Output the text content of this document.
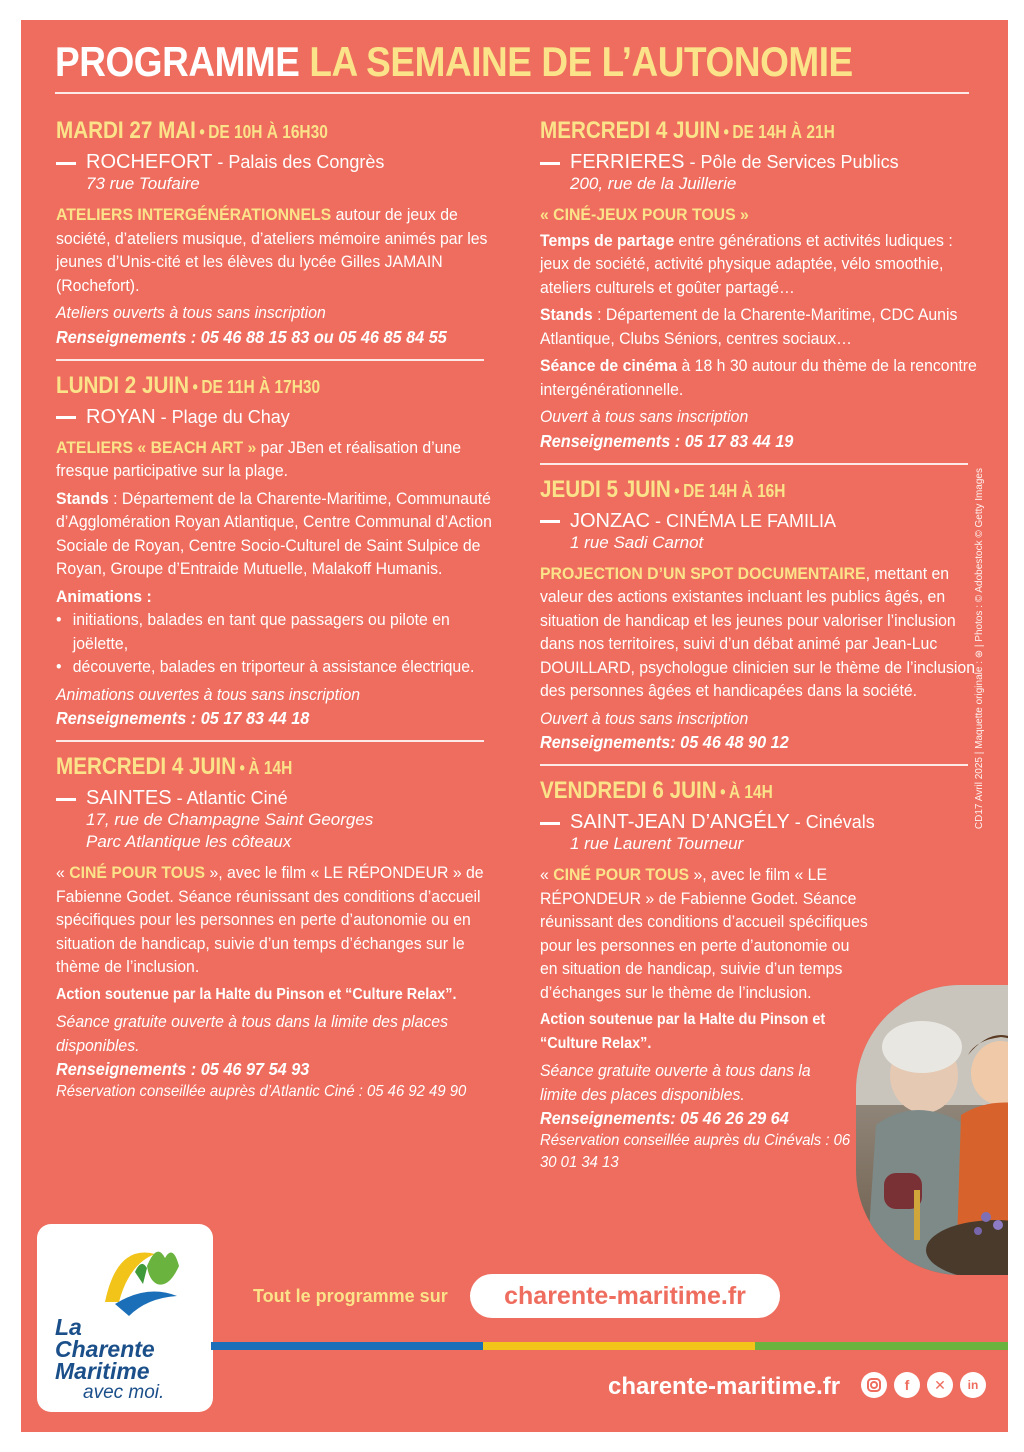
PROGRAMME LA SEMAINE DE L’AUTONOMIE
MARDI 27 MAI • DE 10H À 16H30
ROCHEFORT - Palais des Congrès
73 rue Toufaire
ATELIERS INTERGÉNÉRATIONNELS autour de jeux de société, d’ateliers musique, d’ateliers mémoire animés par les jeunes d’Unis-cité et les élèves du lycée Gilles JAMAIN (Rochefort).
Ateliers ouverts à tous sans inscription
Renseignements : 05 46 88 15 83 ou 05 46 85 84 55
LUNDI 2 JUIN • DE 11H À 17H30
ROYAN - Plage du Chay
ATELIERS « BEACH ART » par JBen et réalisation d’une fresque participative sur la plage.
Stands : Département de la Charente-Maritime, Communauté d’Agglomération Royan Atlantique, Centre Communal d’Action Sociale de Royan, Centre Socio-Culturel de Saint Sulpice de Royan, Groupe d’Entraide Mutuelle, Malakoff Humanis.
Animations :
• initiations, balades en tant que passagers ou pilote en joëlette,
• découverte, balades en triporteur à assistance électrique.
Animations ouvertes à tous sans inscription
Renseignements : 05 17 83 44 18
MERCREDI 4 JUIN • À 14H
SAINTES - Atlantic Ciné
17, rue de Champagne Saint Georges
Parc Atlantique les côteaux
« CINÉ POUR TOUS », avec le film « LE RÉPONDEUR » de Fabienne Godet. Séance réunissant des conditions d’accueil spécifiques pour les personnes en perte d’autonomie ou en situation de handicap, suivie d’un temps d’échanges sur le thème de l’inclusion.
Action soutenue par la Halte du Pinson et “Culture Relax”.
Séance gratuite ouverte à tous dans la limite des places disponibles.
Renseignements : 05 46 97 54 93
Réservation conseillée auprès d’Atlantic Ciné : 05 46 92 49 90
MERCREDI 4 JUIN • DE 14H À 21H
FERRIERES - Pôle de Services Publics
200, rue de la Juillerie
« CINÉ-JEUX POUR TOUS »
Temps de partage entre générations et activités ludiques : jeux de société, activité physique adaptée, vélo smoothie, ateliers culturels et goûter partagé…
Stands : Département de la Charente-Maritime, CDC Aunis Atlantique, Clubs Séniors, centres sociaux…
Séance de cinéma à 18 h 30 autour du thème de la rencontre intergénérationnelle.
Ouvert à tous sans inscription
Renseignements : 05 17 83 44 19
JEUDI 5 JUIN • DE 14H À 16H
JONZAC - CINÉMA LE FAMILIA
1 rue Sadi Carnot
PROJECTION D’UN SPOT DOCUMENTAIRE, mettant en valeur des actions existantes incluant les publics âgés, en situation de handicap et les jeunes pour valoriser l’inclusion dans nos territoires, suivi d’un débat animé par Jean-Luc DOUILLARD, psychologue clinicien sur le thème de l’inclusion des personnes âgées et handicapées dans la société.
Ouvert à tous sans inscription
Renseignements: 05 46 48 90 12
VENDREDI 6 JUIN • À 14H
SAINT-JEAN D’ANGÉLY - Cinévals
1 rue Laurent Tourneur
« CINÉ POUR TOUS », avec le film « LE RÉPONDEUR » de Fabienne Godet. Séance réunissant des conditions d’accueil spécifiques pour les personnes en perte d’autonomie ou en situation de handicap, suivie d’un temps d’échanges sur le thème de l’inclusion.
Action soutenue par la Halte du Pinson et “Culture Relax”.
Séance gratuite ouverte à tous dans la limite des places disponibles.
Renseignements: 05 46 26 29 64
Réservation conseillée auprès du Cinévals : 06 30 01 34 13
CD17 Avril 2025 | Maquette originale : ⊛ | Photos : © Adobestock © Getty Images
La
Charente
Maritime
avec moi.
Tout le programme sur	charente-maritime.fr
charente-maritime.fr	f	✕	in
